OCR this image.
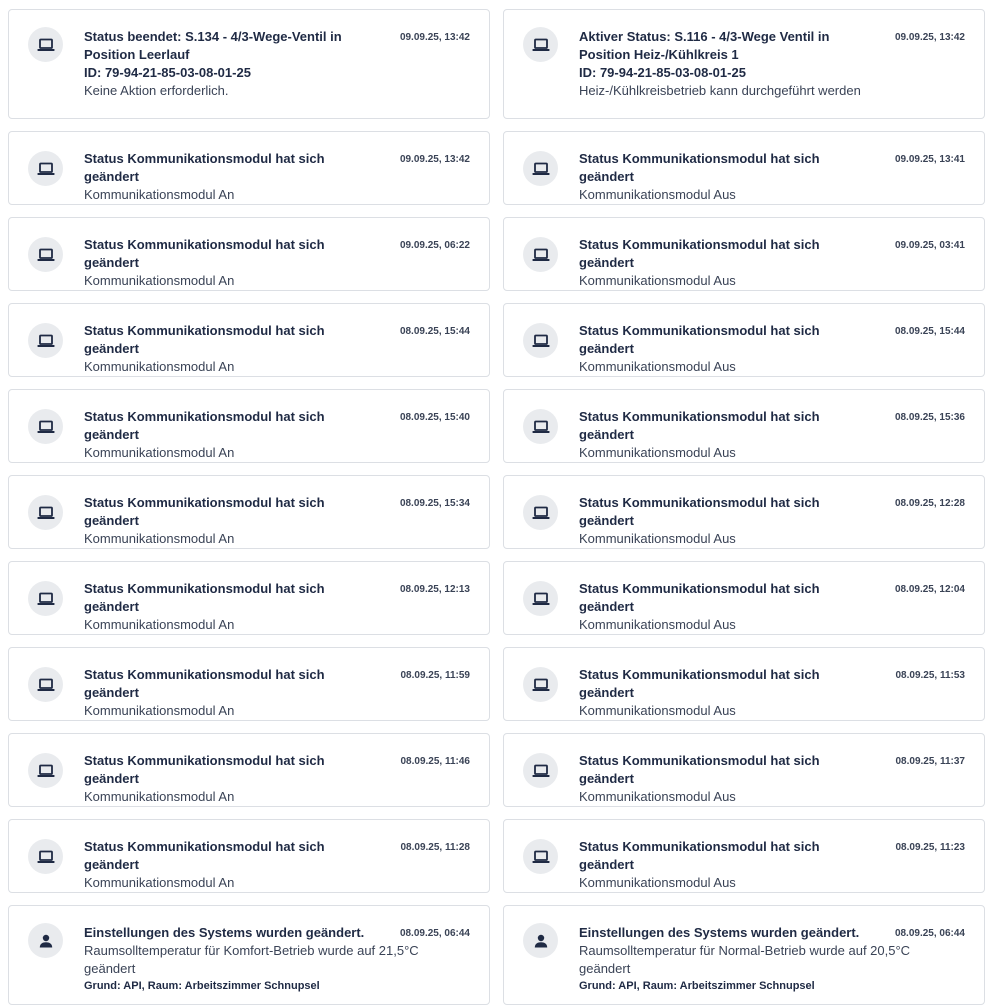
Status beendet: S.134 - 4/3-Wege-Ventil in Position Leerlauf
ID: 79-94-21-85-03-08-01-25
Keine Aktion erforderlich.
09.09.25, 13:42	Aktiver Status: S.116 - 4/3-Wege Ventil in Position Heiz-/Kühlkreis 1
ID: 79-94-21-85-03-08-01-25
Heiz-/Kühlkreisbetrieb kann durchgeführt werden
09.09.25, 13:42
Status Kommunikationsmodul hat sich geändert
Kommunikationsmodul An
09.09.25, 13:42	Status Kommunikationsmodul hat sich geändert
Kommunikationsmodul Aus
09.09.25, 13:41
Status Kommunikationsmodul hat sich geändert
Kommunikationsmodul An
09.09.25, 06:22	Status Kommunikationsmodul hat sich geändert
Kommunikationsmodul Aus
09.09.25, 03:41
Status Kommunikationsmodul hat sich geändert
Kommunikationsmodul An
08.09.25, 15:44	Status Kommunikationsmodul hat sich geändert
Kommunikationsmodul Aus
08.09.25, 15:44
Status Kommunikationsmodul hat sich geändert
Kommunikationsmodul An
08.09.25, 15:40	Status Kommunikationsmodul hat sich geändert
Kommunikationsmodul Aus
08.09.25, 15:36
Status Kommunikationsmodul hat sich geändert
Kommunikationsmodul An
08.09.25, 15:34	Status Kommunikationsmodul hat sich geändert
Kommunikationsmodul Aus
08.09.25, 12:28
Status Kommunikationsmodul hat sich geändert
Kommunikationsmodul An
08.09.25, 12:13	Status Kommunikationsmodul hat sich geändert
Kommunikationsmodul Aus
08.09.25, 12:04
Status Kommunikationsmodul hat sich geändert
Kommunikationsmodul An
08.09.25, 11:59	Status Kommunikationsmodul hat sich geändert
Kommunikationsmodul Aus
08.09.25, 11:53
Status Kommunikationsmodul hat sich geändert
Kommunikationsmodul An
08.09.25, 11:46	Status Kommunikationsmodul hat sich geändert
Kommunikationsmodul Aus
08.09.25, 11:37
Status Kommunikationsmodul hat sich geändert
Kommunikationsmodul An
08.09.25, 11:28	Status Kommunikationsmodul hat sich geändert
Kommunikationsmodul Aus
08.09.25, 11:23
Einstellungen des Systems wurden geändert.
Raumsolltemperatur für Komfort-Betrieb wurde auf 21,5°C geändert
Grund: API, Raum: Arbeitszimmer Schnupsel
08.09.25, 06:44	Einstellungen des Systems wurden geändert.
Raumsolltemperatur für Normal-Betrieb wurde auf 20,5°C geändert
Grund: API, Raum: Arbeitszimmer Schnupsel
08.09.25, 06:44
